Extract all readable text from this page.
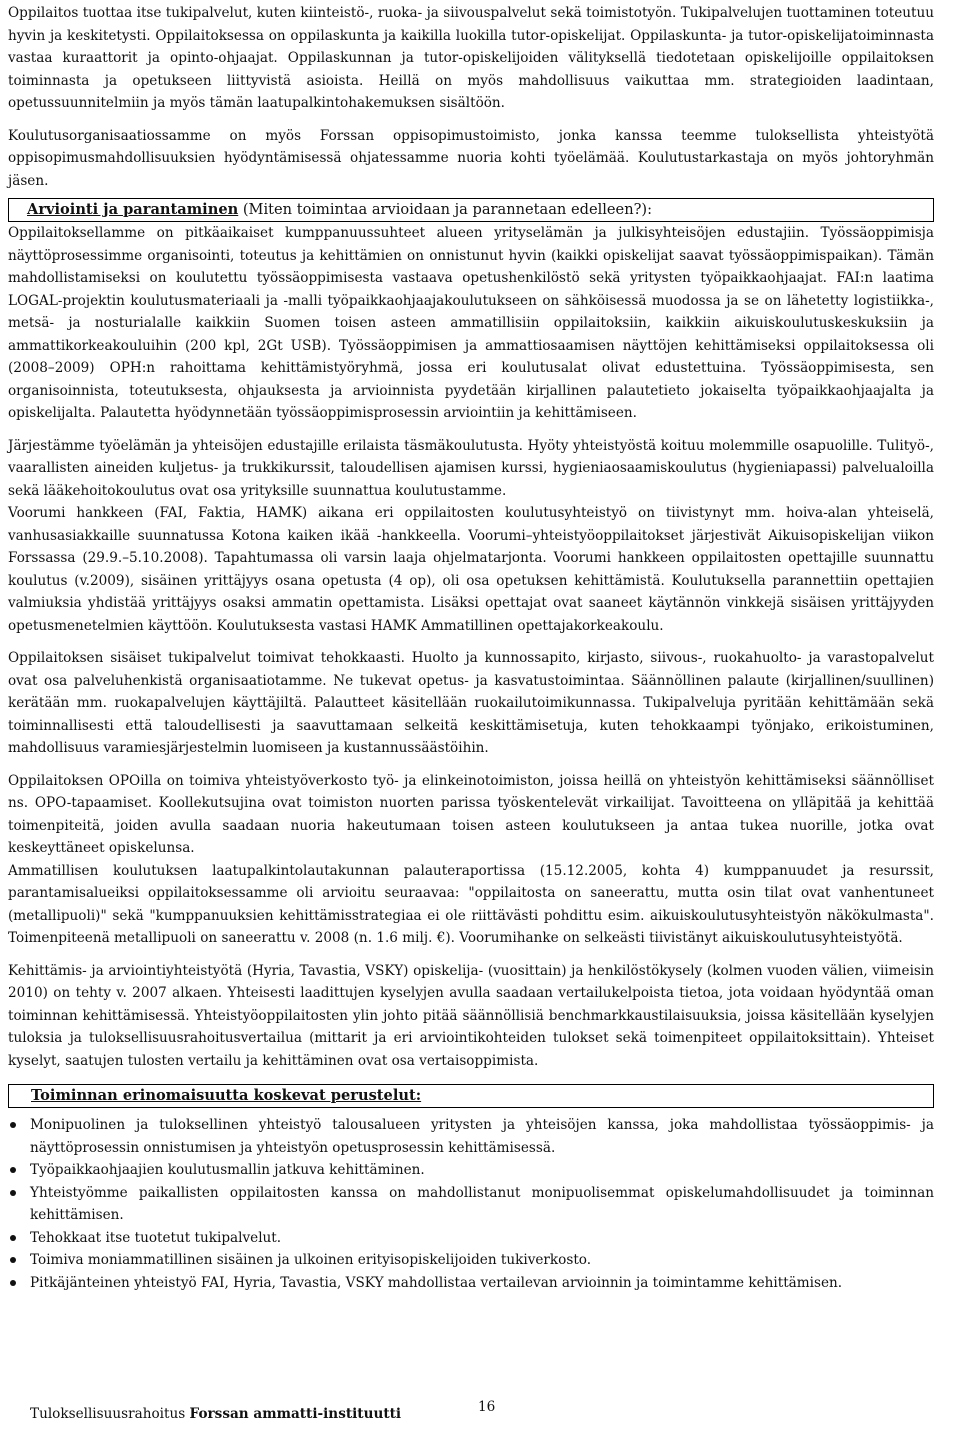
Oppilaitos tuottaa itse tukipalvelut, kuten kiinteistö-, ruoka- ja siivouspalvelut sekä toimistotyön. Tukipalvelujen tuottaminen toteutuu hyvin ja keskitetysti. Oppilaitoksessa on oppilaskunta ja kaikilla luokilla tutor-opiskelijat. Oppilaskunta- ja tutor-opiskelijatoiminnasta vastaa kuraattorit ja opinto-ohjaajat. Oppilaskunnan ja tutor-opiskelijoiden välityksellä tiedotetaan opiskelijoille oppilaitoksen toiminnasta ja opetukseen liittyvistä asioista. Heillä on myös mahdollisuus vaikuttaa mm. strategioiden laadintaan, opetussuunnitelmiin ja myös tämän laatupalkintohakemuksen sisältöön.

Koulutusorganisaatiossamme on myös Forssan oppisopimustoimisto, jonka kanssa teemme tuloksellista yhteistyötä oppisopimusmahdollisuuksien hyödyntämisessä ohjatessamme nuoria kohti työelämää. Koulutustarkastaja on myös johtoryhmän jäsen.

Arviointi ja parantaminen (Miten toimintaa arvioidaan ja parannetaan edelleen?):

Oppilaitoksellamme on pitkäaikaiset kumppanuussuhteet alueen yrityselämän ja julkisyhteisöjen edustajiin. Työssäoppimisja näyttöprosessimme organisointi, toteutus ja kehittämien on onnistunut hyvin (kaikki opiskelijat saavat työssäoppimispaikan). Tämän mahdollistamiseksi on koulutettu työssäoppimisesta vastaava opetushenkilöstö sekä yritysten työpaikkaohjaajat. FAI:n laatima LOGAL-projektin koulutusmateriaali ja -malli työpaikkaohjaajakoulutukseen on sähköisessä muodossa ja se on lähetetty logistiikka-, metsä- ja nosturialalle kaikkiin Suomen toisen asteen ammatillisiin oppilaitoksiin, kaikkiin aikuiskoulutuskeskuksiin ja ammattikorkeakouluihin (200 kpl, 2Gt USB). Työssäoppimisen ja ammattiosaamisen näyttöjen kehittämiseksi oppilaitoksessa oli (2008–2009) OPH:n rahoittama kehittämistyöryhmä, jossa eri koulutusalat olivat edustettuina. Työssäoppimisesta, sen organisoinnista, toteutuksesta, ohjauksesta ja arvioinnista pyydetään kirjallinen palautetieto jokaiselta työpaikkaohjaajalta ja opiskelijalta. Palautetta hyödynnetään työssäoppimisprosessin arviointiin ja kehittämiseen.

Järjestämme työelämän ja yhteisöjen edustajille erilaista täsmäkoulutusta. Hyöty yhteistyöstä koituu molemmille osapuolille. Tulityö-, vaarallisten aineiden kuljetus- ja trukkikurssit, taloudellisen ajamisen kurssi, hygieniaosaamiskoulutus (hygieniapassi) palvelualoilla sekä lääkehoitokoulutus ovat osa yrityksille suunnattua koulutustamme.

Voorumi hankkeen (FAI, Faktia, HAMK) aikana eri oppilaitosten koulutusyhteistyö on tiivistynyt mm. hoiva-alan yhteiselä, vanhusasiakkaille suunnatussa Kotona kaiken ikää -hankkeella. Voorumi–yhteistyöoppilaitokset järjestivät Aikuisopiskelijan viikon Forssassa (29.9.–5.10.2008). Tapahtumassa oli varsin laaja ohjelmatarjonta. Voorumi hankkeen oppilaitosten opettajille suunnattu koulutus (v.2009), sisäinen yrittäjyys osana opetusta (4 op), oli osa opetuksen kehittämistä. Koulutuksella parannettiin opettajien valmiuksia yhdistää yrittäjyys osaksi ammatin opettamista. Lisäksi opettajat ovat saaneet käytännön vinkkejä sisäisen yrittäjyyden opetusmenetelmien käyttöön. Koulutuksesta vastasi HAMK Ammatillinen opettajakorkeakoulu.

Oppilaitoksen sisäiset tukipalvelut toimivat tehokkaasti. Huolto ja kunnossapito, kirjasto, siivous-, ruokahuolto- ja varastopalvelut ovat osa palveluhenkistä organisaatiotamme. Ne tukevat opetus- ja kasvatustoimintaa. Säännöllinen palaute (kirjallinen/suullinen) kerätään mm. ruokapalvelujen käyttäjiltä. Palautteet käsitellään ruokailutoimikunnassa. Tukipalveluja pyritään kehittämään sekä toiminnallisesti että taloudellisesti ja saavuttamaan selkeitä keskittämisetuja, kuten tehokkaampi työnjako, erikoistuminen, mahdollisuus varamiesjärjestelmin luomiseen ja kustannussäästöihin.

Oppilaitoksen OPOilla on toimiva yhteistyöverkosto työ- ja elinkeinotoimiston, joissa heillä on yhteistyön kehittämiseksi säännölliset ns. OPO-tapaamiset. Koollekutsujina ovat toimiston nuorten parissa työskentelevät virkailijat. Tavoitteena on ylläpitää ja kehittää toimenpiteitä, joiden avulla saadaan nuoria hakeutumaan toisen asteen koulutukseen ja antaa tukea nuorille, jotka ovat keskeyttäneet opiskelunsa.

Ammatillisen koulutuksen laatupalkintolautakunnan palauteraportissa (15.12.2005, kohta 4) kumppanuudet ja resurssit, parantamisalueiksi oppilaitoksessamme oli arvioitu seuraavaa: "oppilaitosta on saneerattu, mutta osin tilat ovat vanhentuneet (metallipuoli)" sekä "kumppanuuksien kehittämisstrategiaa ei ole riittävästi pohdittu esim. aikuiskoulutusyhteistyön näkökulmasta". Toimenpiteenä metallipuoli on saneerattu v. 2008 (n. 1.6 milj. €). Voorumihanke on selkeästi tiivistänyt aikuiskoulutusyhteistyötä.

Kehittämis- ja arviointiyhteistyötä (Hyria, Tavastia, VSKY) opiskelija- (vuosittain) ja henkilöstökysely (kolmen vuoden välien, viimeisin 2010) on tehty v. 2007 alkaen. Yhteisesti laadittujen kyselyjen avulla saadaan vertailukelpoista tietoa, jota voidaan hyödyntää oman toiminnan kehittämisessä. Yhteistyöoppilaitosten ylin johto pitää säännöllisiä benchmarkkaustilaisuuksia, joissa käsitellään kyselyjen tuloksia ja tuloksellisuusrahoitusvertailua (mittarit ja eri arviointikohteiden tulokset sekä toimenpiteet oppilaitoksittain). Yhteiset kyselyt, saatujen tulosten vertailu ja kehittäminen ovat osa vertaisoppimista.

Toiminnan erinomaisuutta koskevat perustelut:
Monipuolinen ja tuloksellinen yhteistyö talousalueen yritysten ja yhteisöjen kanssa, joka mahdollistaa työssäoppimis- ja näyttöprosessin onnistumisen ja yhteistyön opetusprosessin kehittämisessä.
Työpaikkaohjaajien koulutusmallin jatkuva kehittäminen.
Yhteistyömme paikallisten oppilaitosten kanssa on mahdollistanut monipuolisemmat opiskelumahdollisuudet ja toiminnan kehittämisen.
Tehokkaat itse tuotetut tukipalvelut.
Toimiva moniammatillinen sisäinen ja ulkoinen erityisopiskelijoiden tukiverkosto.
Pitkäjänteinen yhteistyö FAI, Hyria, Tavastia, VSKY mahdollistaa vertailevan arvioinnin ja toimintamme kehittämisen.
Tuloksellisuusrahoitus Forssan ammatti-instituutti	16
